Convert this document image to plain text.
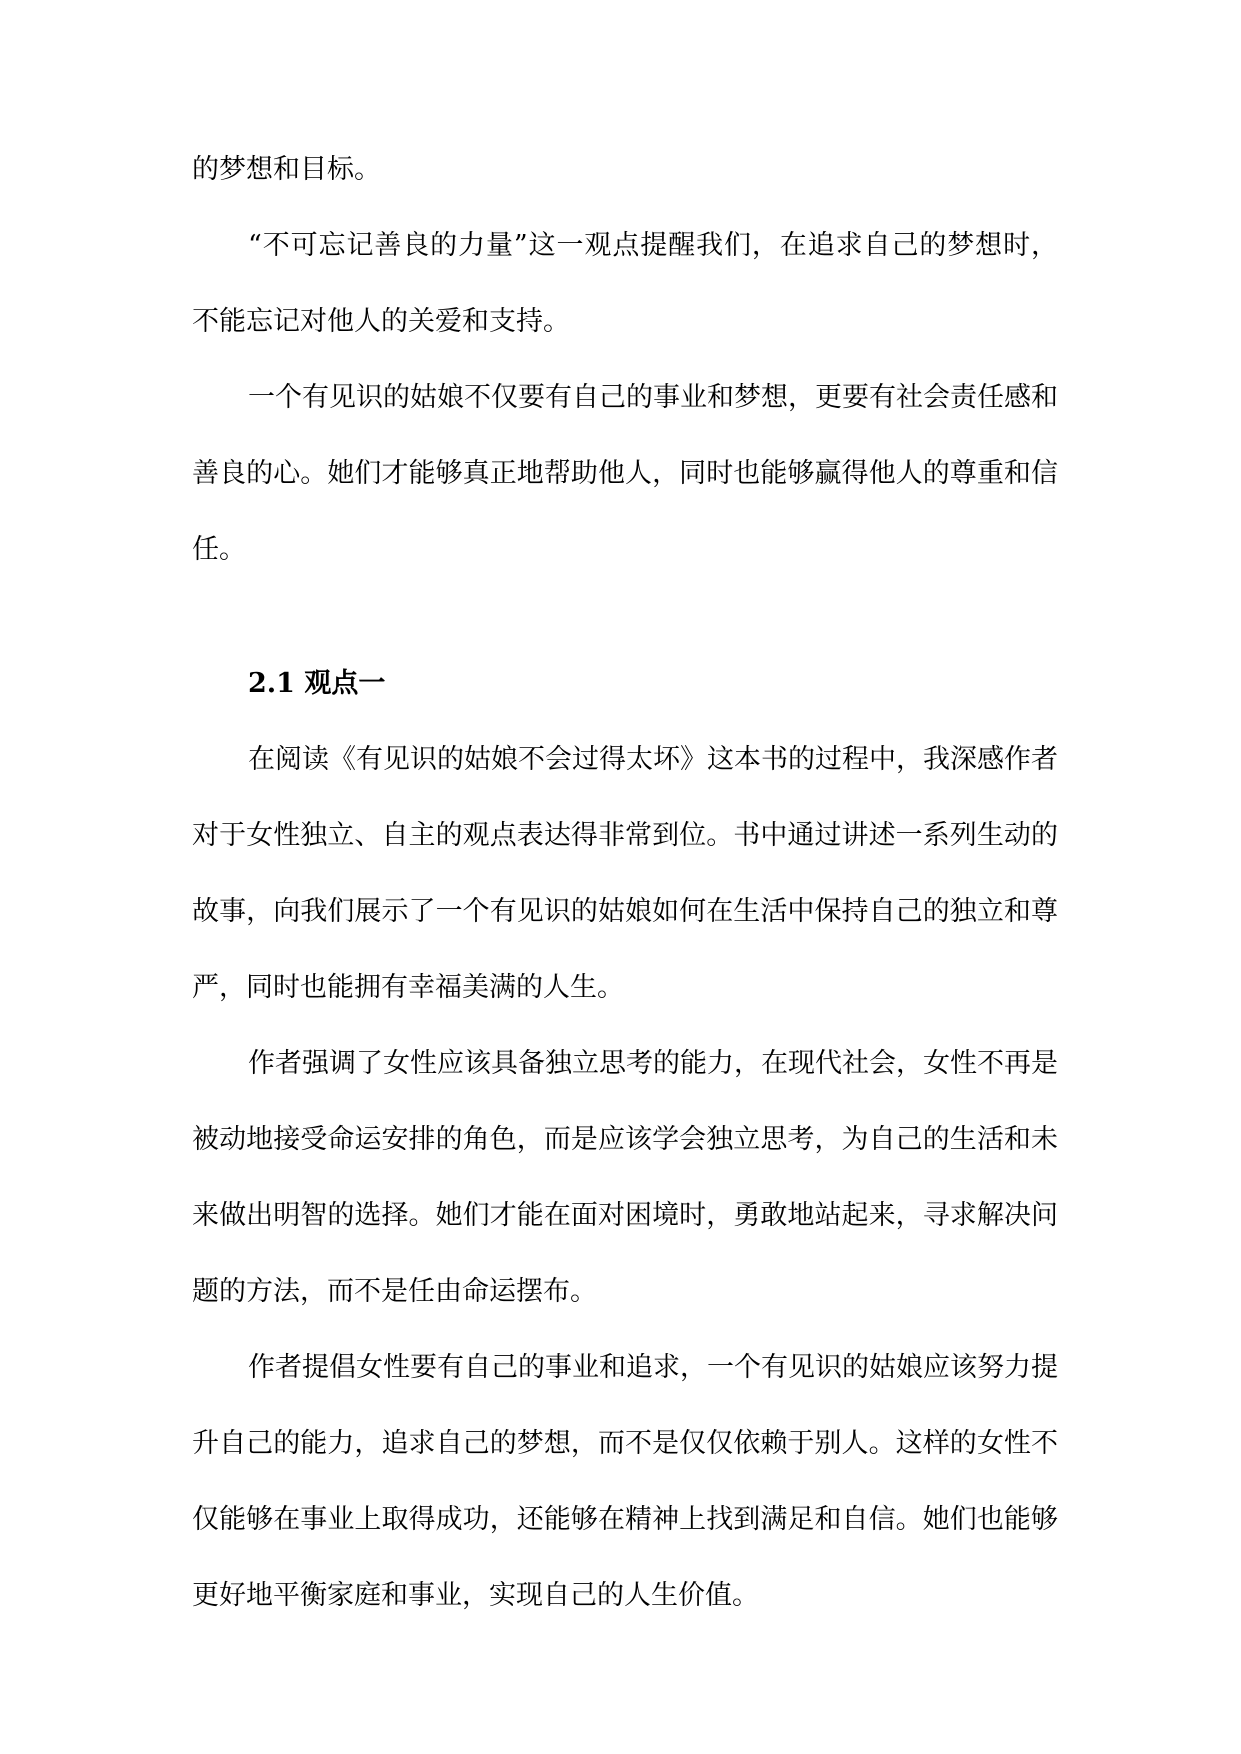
的梦想和目标。

“不可忘记善良的力量”这一观点提醒我们，在追求自己的梦想时，不能忘记对他人的关爱和支持。

一个有见识的姑娘不仅要有自己的事业和梦想，更要有社会责任感和善良的心。她们才能够真正地帮助他人，同时也能够赢得他人的尊重和信任。

2.1 观点一

在阅读《有见识的姑娘不会过得太坏》这本书的过程中，我深感作者对于女性独立、自主的观点表达得非常到位。书中通过讲述一系列生动的故事，向我们展示了一个有见识的姑娘如何在生活中保持自己的独立和尊严，同时也能拥有幸福美满的人生。

作者强调了女性应该具备独立思考的能力，在现代社会，女性不再是被动地接受命运安排的角色，而是应该学会独立思考，为自己的生活和未来做出明智的选择。她们才能在面对困境时，勇敢地站起来，寻求解决问题的方法，而不是任由命运摆布。

作者提倡女性要有自己的事业和追求，一个有见识的姑娘应该努力提升自己的能力，追求自己的梦想，而不是仅仅依赖于别人。这样的女性不仅能够在事业上取得成功，还能够在精神上找到满足和自信。她们也能够更好地平衡家庭和事业，实现自己的人生价值。
